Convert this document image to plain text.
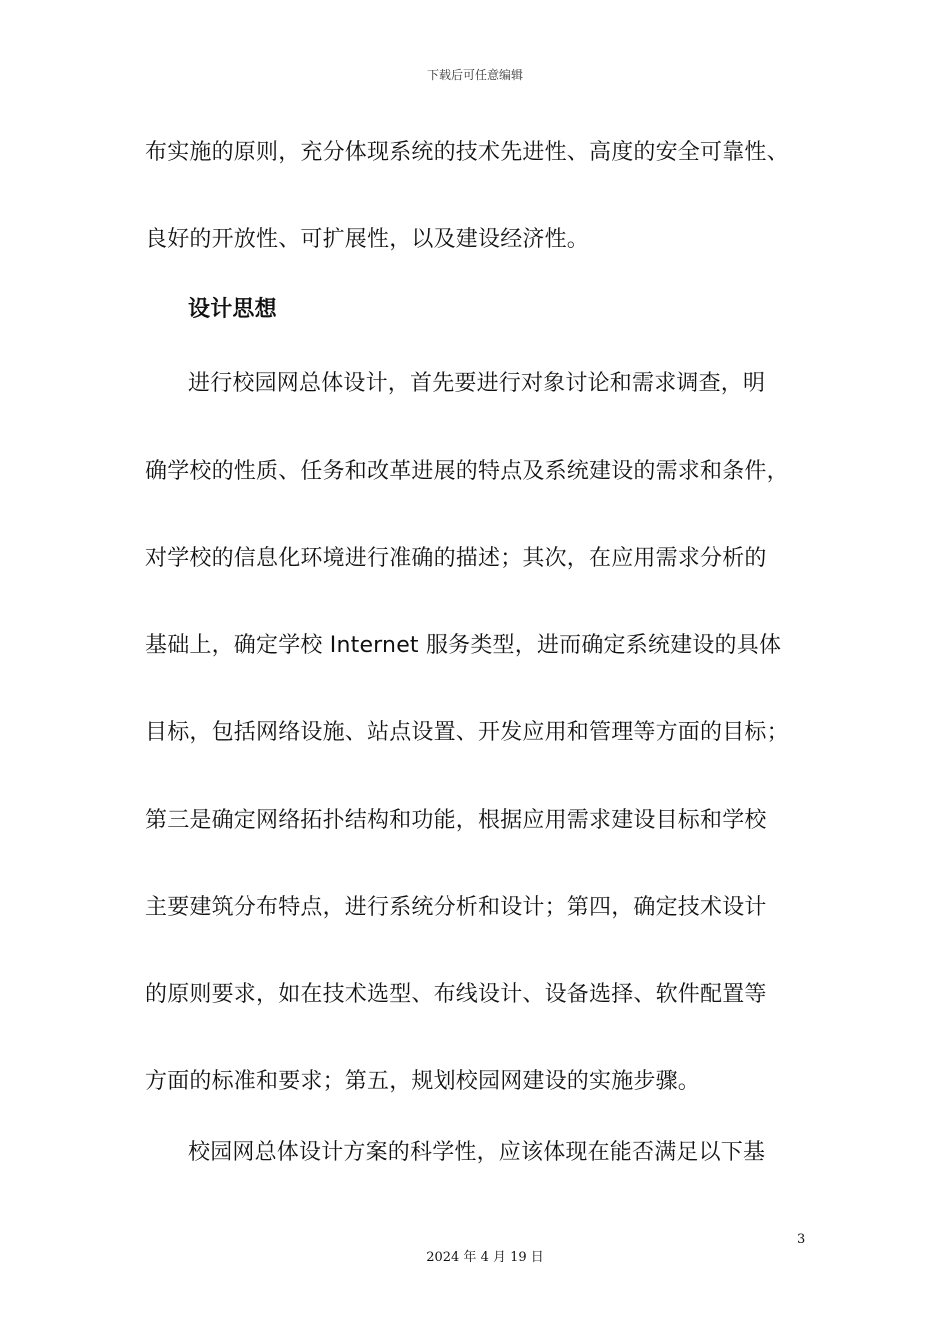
下载后可任意编辑
布实施的原则，充分体现系统的技术先进性、高度的安全可靠性、
良好的开放性、可扩展性，以及建设经济性。
设计思想
进行校园网总体设计，首先要进行对象讨论和需求调查，明
确学校的性质、任务和改革进展的特点及系统建设的需求和条件，
对学校的信息化环境进行准确的描述；其次，在应用需求分析的
基础上，确定学校 Internet 服务类型，进而确定系统建设的具体
目标，包括网络设施、站点设置、开发应用和管理等方面的目标；
第三是确定网络拓扑结构和功能，根据应用需求建设目标和学校
主要建筑分布特点，进行系统分析和设计；第四，确定技术设计
的原则要求，如在技术选型、布线设计、设备选择、软件配置等
方面的标准和要求；第五，规划校园网建设的实施步骤。
校园网总体设计方案的科学性，应该体现在能否满足以下基
3
2024 年 4 月 19 日
